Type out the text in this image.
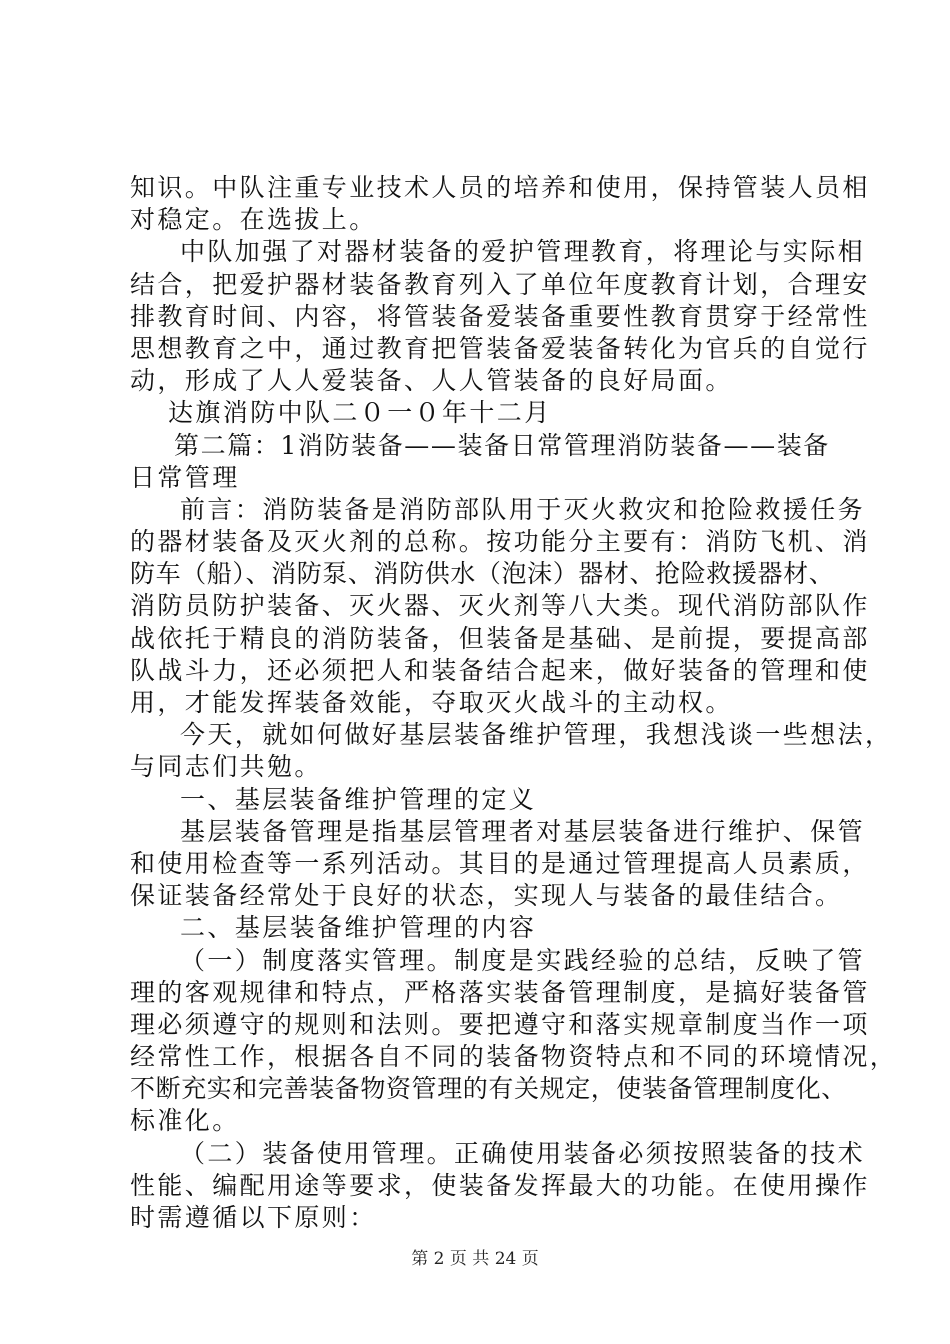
知识。中队注重专业技术人员的培养和使用，保持管装人员相
对稳定。在选拔上。
中队加强了对器材装备的爱护管理教育，将理论与实际相
结合，把爱护器材装备教育列入了单位年度教育计划，合理安
排教育时间、内容，将管装备爱装备重要性教育贯穿于经常性
思想教育之中，通过教育把管装备爱装备转化为官兵的自觉行
动，形成了人人爱装备、人人管装备的良好局面。
达旗消防中队二０一０年十二月
第二篇：1消防装备——装备日常管理消防装备——装备
日常管理
前言：消防装备是消防部队用于灭火救灾和抢险救援任务
的器材装备及灭火剂的总称。按功能分主要有：消防飞机、消
防车（船）、消防泵、消防供水（泡沫）器材、抢险救援器材、
消防员防护装备、灭火器、灭火剂等八大类。现代消防部队作
战依托于精良的消防装备，但装备是基础、是前提，要提高部
队战斗力，还必须把人和装备结合起来，做好装备的管理和使
用，才能发挥装备效能，夺取灭火战斗的主动权。
今天，就如何做好基层装备维护管理，我想浅谈一些想法，
与同志们共勉。
一、基层装备维护管理的定义
基层装备管理是指基层管理者对基层装备进行维护、保管
和使用检查等一系列活动。其目的是通过管理提高人员素质，
保证装备经常处于良好的状态，实现人与装备的最佳结合。
二、基层装备维护管理的内容
（一）制度落实管理。制度是实践经验的总结，反映了管
理的客观规律和特点，严格落实装备管理制度，是搞好装备管
理必须遵守的规则和法则。要把遵守和落实规章制度当作一项
经常性工作，根据各自不同的装备物资特点和不同的环境情况，
不断充实和完善装备物资管理的有关规定，使装备管理制度化、
标准化。
（二）装备使用管理。正确使用装备必须按照装备的技术
性能、编配用途等要求，使装备发挥最大的功能。在使用操作
时需遵循以下原则：
第 2 页 共 24 页
